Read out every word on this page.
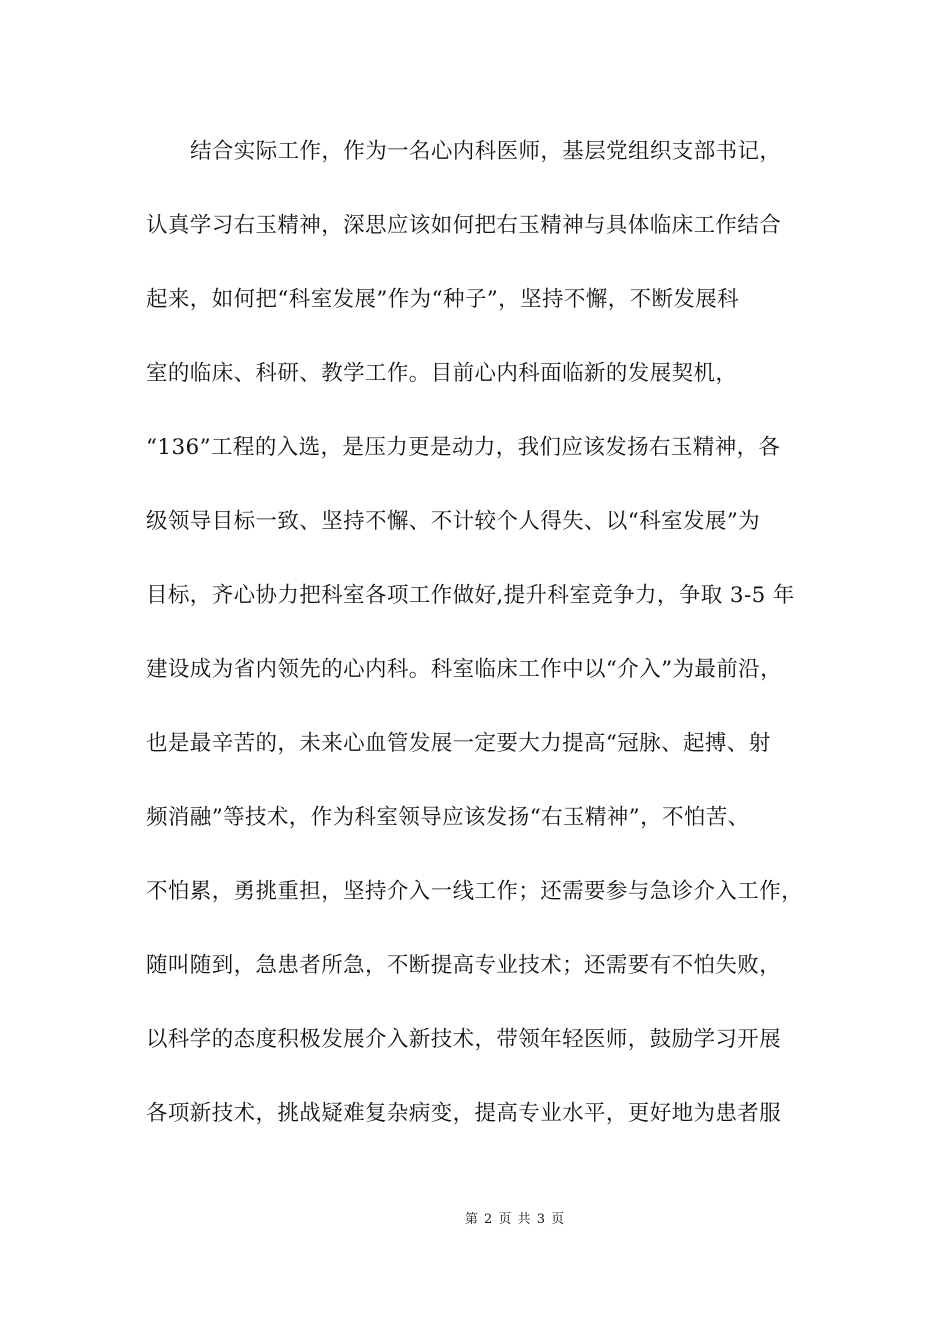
结合实际工作，作为一名心内科医师，基层党组织支部书记，
认真学习右玉精神，深思应该如何把右玉精神与具体临床工作结合
起来，如何把“科室发展”作为“种子”，坚持不懈，不断发展科
室的临床、科研、教学工作。目前心内科面临新的发展契机，
“136”工程的入选，是压力更是动力，我们应该发扬右玉精神，各
级领导目标一致、坚持不懈、不计较个人得失、以“科室发展”为
目标，齐心协力把科室各项工作做好,提升科室竞争力，争取 3-5 年
建设成为省内领先的心内科。科室临床工作中以“介入”为最前沿，
也是最辛苦的，未来心血管发展一定要大力提高“冠脉、起搏、射
频消融”等技术，作为科室领导应该发扬“右玉精神”，不怕苦、
不怕累，勇挑重担，坚持介入一线工作；还需要参与急诊介入工作，
随叫随到，急患者所急，不断提高专业技术；还需要有不怕失败，
以科学的态度积极发展介入新技术，带领年轻医师，鼓励学习开展
各项新技术，挑战疑难复杂病变，提高专业水平，更好地为患者服
第 2 页 共 3 页
